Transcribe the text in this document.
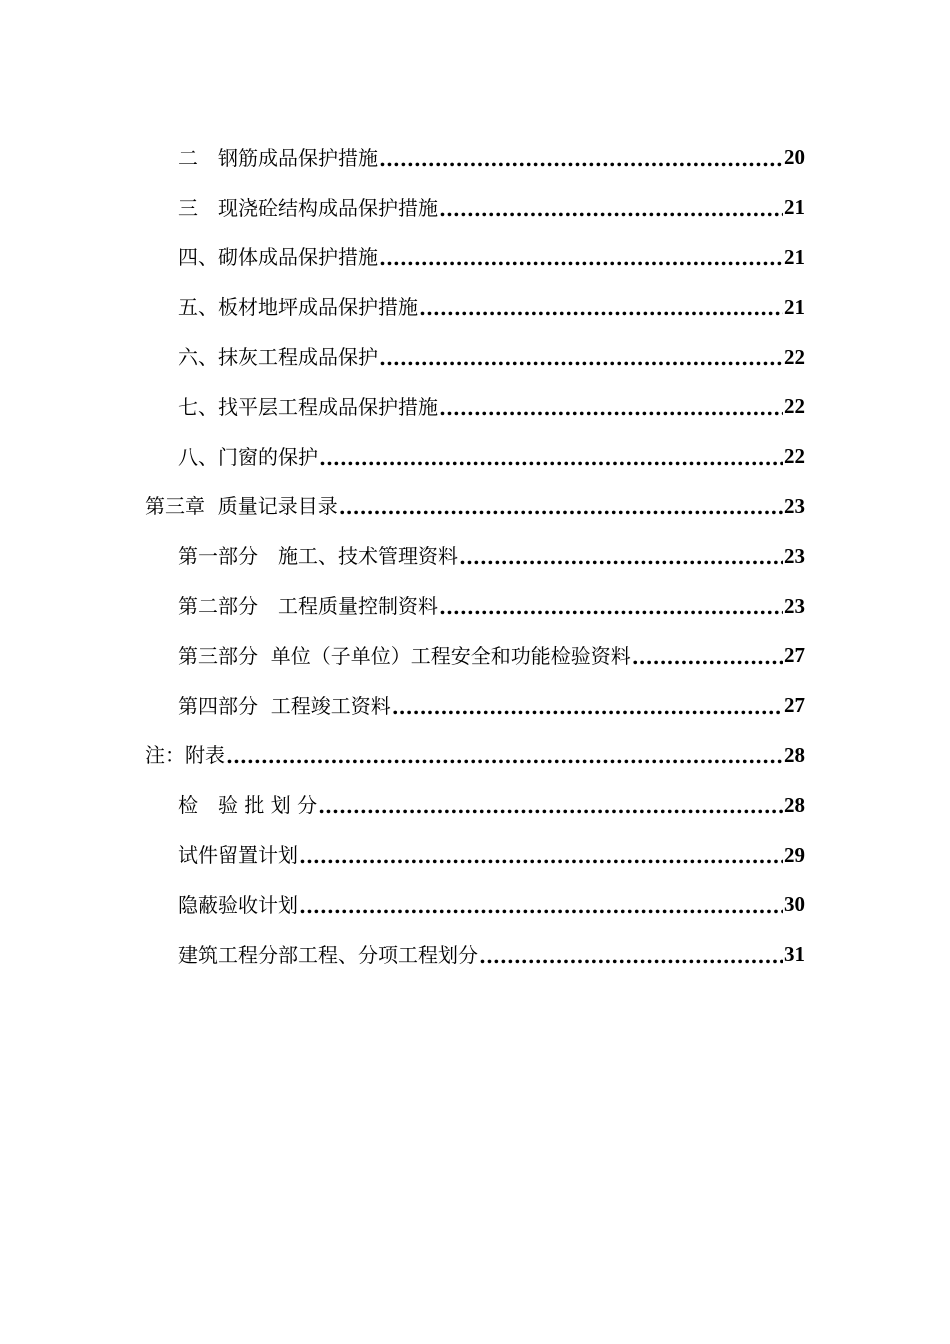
二　钢筋成品保护措施 .....	20
三　现浇砼结构成品保护措施 .....	21
四、砌体成品保护措施 .....	21
五、板材地坪成品保护措施 .....	21
六、抹灰工程成品保护 .....	22
七、找平层工程成品保护措施 .....	22
八、门窗的保护 .....	22
第三章  质量记录目录 .....	23
第一部分　施工、技术管理资料 .....	23
第二部分　工程质量控制资料 .....	23
第三部分  单位（子单位）工程安全和功能检验资料 .....	27
第四部分  工程竣工资料 .....	27
注：附表 .....	28
检　验 批 划 分 .....	28
试件留置计划 .....	29
隐蔽验收计划 .....	30
建筑工程分部工程、分项工程划分 .....	31
